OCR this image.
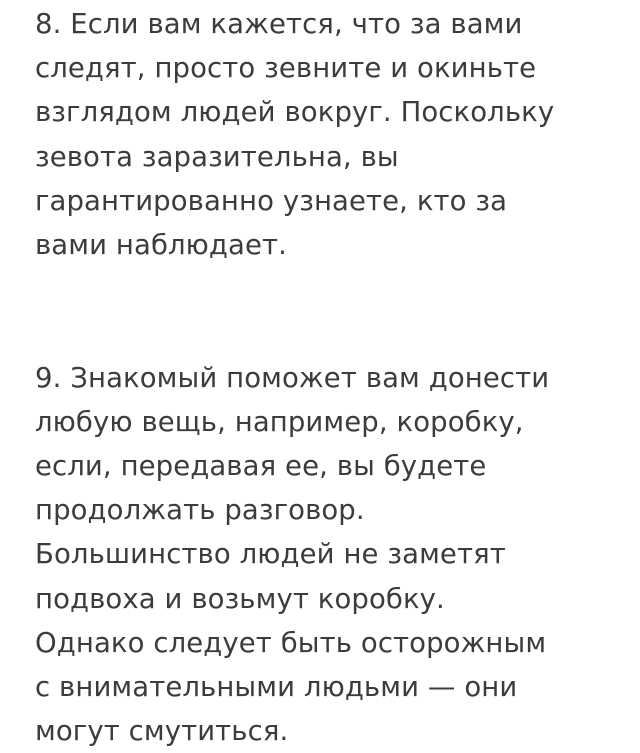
8. Если вам кажется, что за вами
следят, просто зевните и окиньте
взглядом людей вокруг. Поскольку
зевота заразительна, вы
гарантированно узнаете, кто за
вами наблюдает.
9. Знакомый поможет вам донести
любую вещь, например, коробку,
если, передавая ее, вы будете
продолжать разговор.
Большинство людей не заметят
подвоха и возьмут коробку.
Однако следует быть осторожным
с внимательными людьми — они
могут смутиться.
